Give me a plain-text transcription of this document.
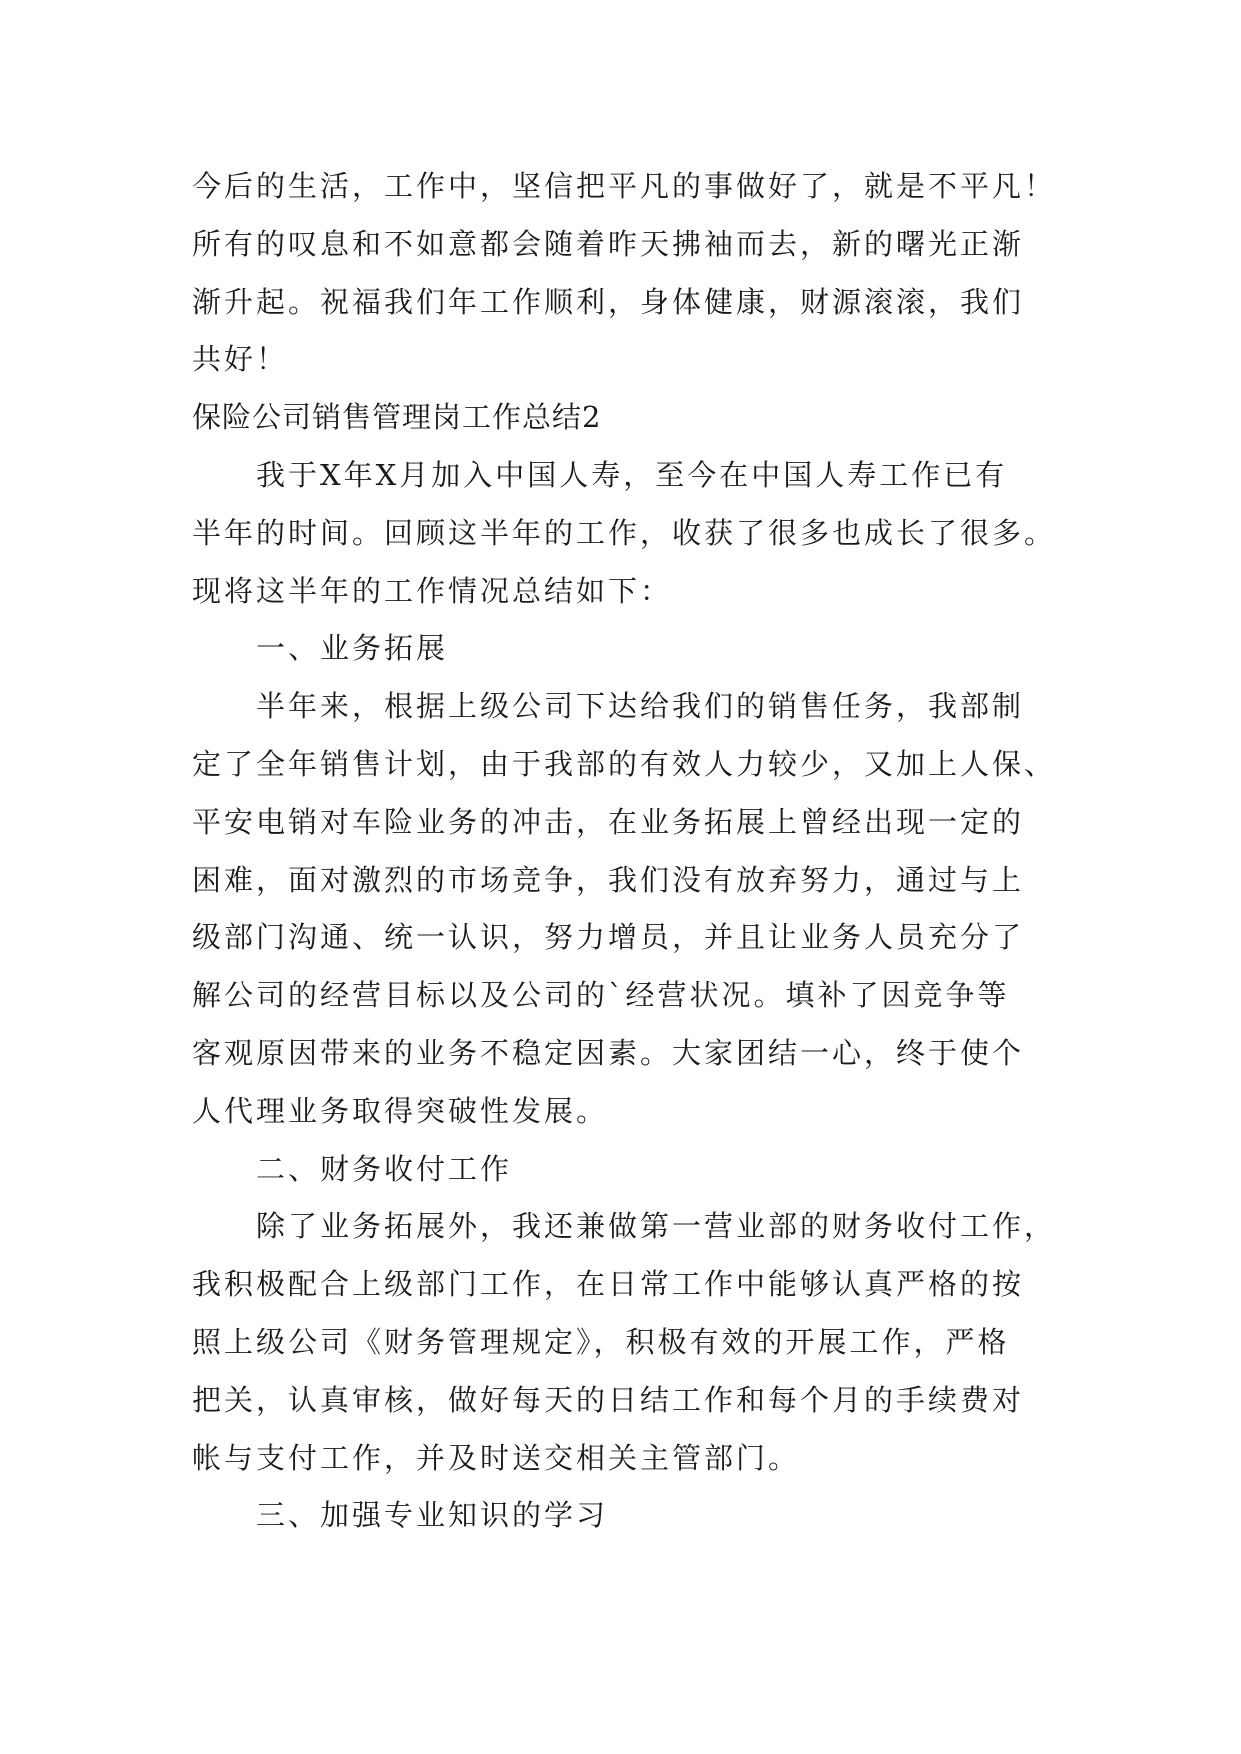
今后的生活，工作中，坚信把平凡的事做好了，就是不平凡！
所有的叹息和不如意都会随着昨天拂袖而去，新的曙光正渐
渐升起。祝福我们年工作顺利，身体健康，财源滚滚，我们
共好！
保险公司销售管理岗工作总结2
我于X年X月加入中国人寿，至今在中国人寿工作已有
半年的时间。回顾这半年的工作，收获了很多也成长了很多。
现将这半年的工作情况总结如下：
一、业务拓展
半年来，根据上级公司下达给我们的销售任务，我部制
定了全年销售计划，由于我部的有效人力较少，又加上人保、
平安电销对车险业务的冲击，在业务拓展上曾经出现一定的
困难，面对激烈的市场竞争，我们没有放弃努力，通过与上
级部门沟通、统一认识，努力增员，并且让业务人员充分了
解公司的经营目标以及公司的`经营状况。填补了因竞争等
客观原因带来的业务不稳定因素。大家团结一心，终于使个
人代理业务取得突破性发展。
二、财务收付工作
除了业务拓展外，我还兼做第一营业部的财务收付工作，
我积极配合上级部门工作，在日常工作中能够认真严格的按
照上级公司《财务管理规定》，积极有效的开展工作，严格
把关，认真审核，做好每天的日结工作和每个月的手续费对
帐与支付工作，并及时送交相关主管部门。
三、加强专业知识的学习
